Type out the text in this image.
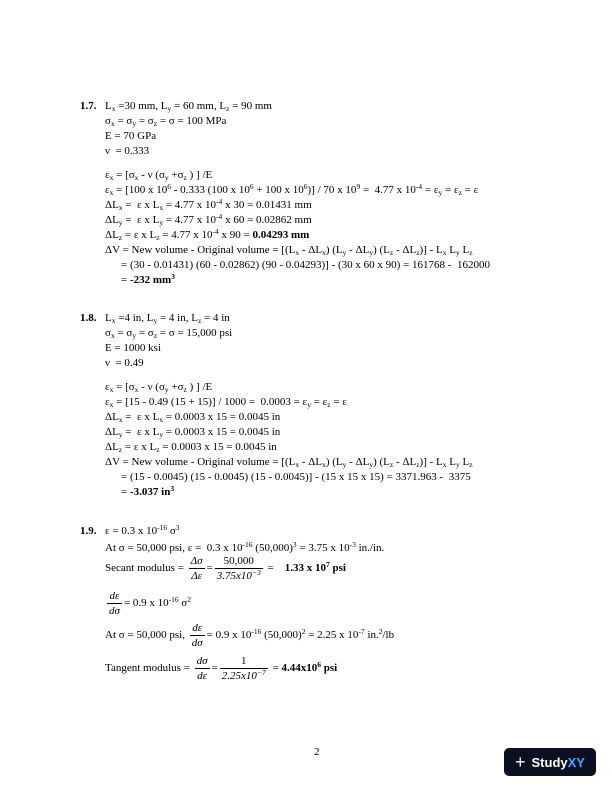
1.7. $L_x =30$ mm, $L_y = 60$ mm, $L_z = 90$ mm
$\sigma_x = \sigma_y = \sigma_z = \sigma = 100$ MPa
E = 70 GPa
ν  = 0.333
$\varepsilon_x = [\sigma_x - \nu$ ($\sigma_y +\sigma_z$ ) ] /E
$\varepsilon_x = [100$ x $10^6 - 0.333$ (100 x $10^6 + 100$ x $10^6)] / 70$ x $10^9 = 4.77$ x $10^{-4} = \varepsilon_y = \varepsilon_z = \varepsilon$
$\Delta L_x = \varepsilon$ x $L_x = 4.77$ x $10^{-4}$ x 30 = 0.01431 mm
$\Delta L_y = \varepsilon$ x $L_y = 4.77$ x $10^{-4}$ x 60 = 0.02862 mm
$\Delta L_z = \varepsilon$ x $L_z = 4.77$ x $10^{-4}$ x 90 = 0.04293 mm
ΔV = New volume - Original volume = [$(L_x - \Delta L_x)$ $(L_y - \Delta L_y)$ $(L_z - \Delta L_z)] - L_x$ $L_y$ $L_z$
= (30 - 0.01431) (60 - 0.02862) (90 - 0.04293)] - (30 x 60 x 90) = 161768 -  162000
= -232 $mm^3$
1.8. $L_x =4$ in, $L_y = 4$ in, $L_z = 4$ in
$\sigma_x = \sigma_y = \sigma_z = \sigma = 15,000$ psi
E = 1000 ksi
ν  = 0.49
$\varepsilon_x = [\sigma_x - \nu$ ($\sigma_y +\sigma_z$ ) ] /E
$\varepsilon_x = [15 - 0.49$ $(15 + 15)] / 1000 = 0.0003 = \varepsilon_y = \varepsilon_z = \varepsilon$
$\Delta L_x = \varepsilon$ x $L_x = 0.0003$ x 15 = 0.0045 in
$\Delta L_y = \varepsilon$ x $L_y = 0.0003$ x 15 = 0.0045 in
$\Delta L_z = \varepsilon$ x $L_z = 0.0003$ x 15 = 0.0045 in
ΔV = New volume - Original volume = [$(L_x - \Delta L_x)$ $(L_y - \Delta L_y)$ $(L_z - \Delta L_z)] - L_x$ $L_y$ $L_z$
= (15 - 0.0045) (15 - 0.0045) (15 - 0.0045)] - (15 x 15 x 15) = 3371.963 -  3375
= -3.037 $in^3$
1.9. ε = 0.3 x $10^{-16}$ $\sigma^3$
At σ = 50,000 psi, ε =  0.3 x $10^{-16}$ $(50,000)^3 = 3.75$ x $10^{-3}$ in./in.
Secant modulus = $\frac{\Delta\sigma}{\Delta\varepsilon} = \frac{50,000}{3.75x10^{-3}} = 1.33$ x $10^7$ psi
$\frac{d\varepsilon}{d\sigma} = 0.9$ x $10^{-16}$ $\sigma^2$
At σ = 50,000 psi, $\frac{d\varepsilon}{d\sigma} = 0.9$ x $10^{-16}$ $(50,000)^2 = 2.25$ x $10^{-7}$ in.$^2$/lb
Tangent modulus = $\frac{d\sigma}{d\varepsilon} = \frac{1}{2.25x10^{-7}} = 4.44x10^6$ psi
2	+ Study XY
